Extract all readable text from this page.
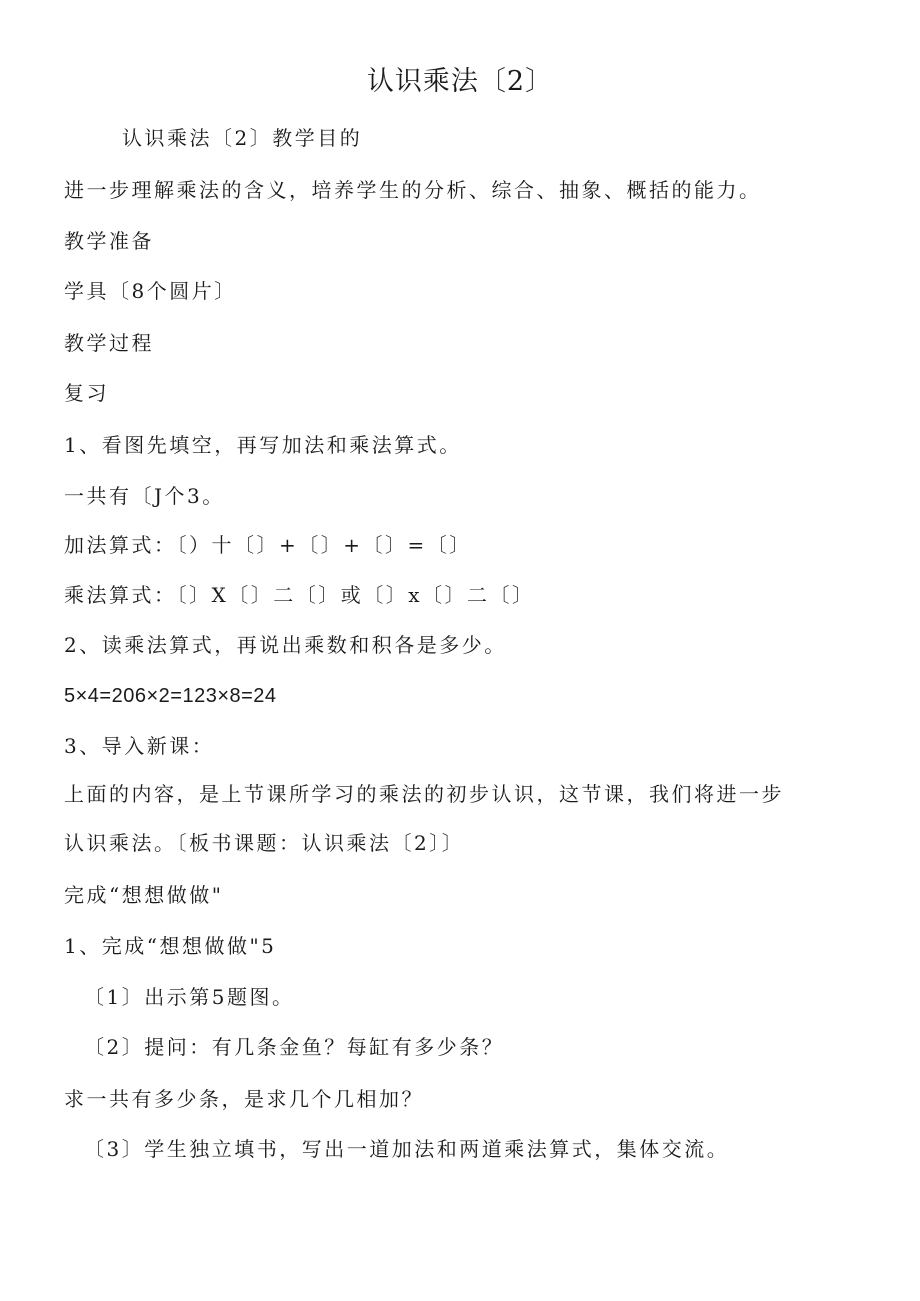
认识乘法〔2〕
认识乘法〔2〕教学目的
进一步理解乘法的含义，培养学生的分析、综合、抽象、概括的能力。
教学准备
学具〔8个圆片〕
教学过程
复习
1、看图先填空，再写加法和乘法算式。
一共有〔J个3。
加法算式：〔）十〔〕+〔〕+〔〕=〔〕
乘法算式：〔〕X〔〕二〔〕或〔〕x〔〕二〔〕
2、读乘法算式，再说出乘数和积各是多少。
5×4=206×2=123×8=24
3、导入新课：
上面的内容，是上节课所学习的乘法的初步认识，这节课，我们将进一步
认识乘法。〔板书课题：认识乘法〔2〕〕
完成“想想做做"
1、完成“想想做做"5
〔1〕出示第5题图。
〔2〕提问：有几条金鱼？每缸有多少条？
求一共有多少条，是求几个几相加？
〔3〕学生独立填书，写出一道加法和两道乘法算式，集体交流。
